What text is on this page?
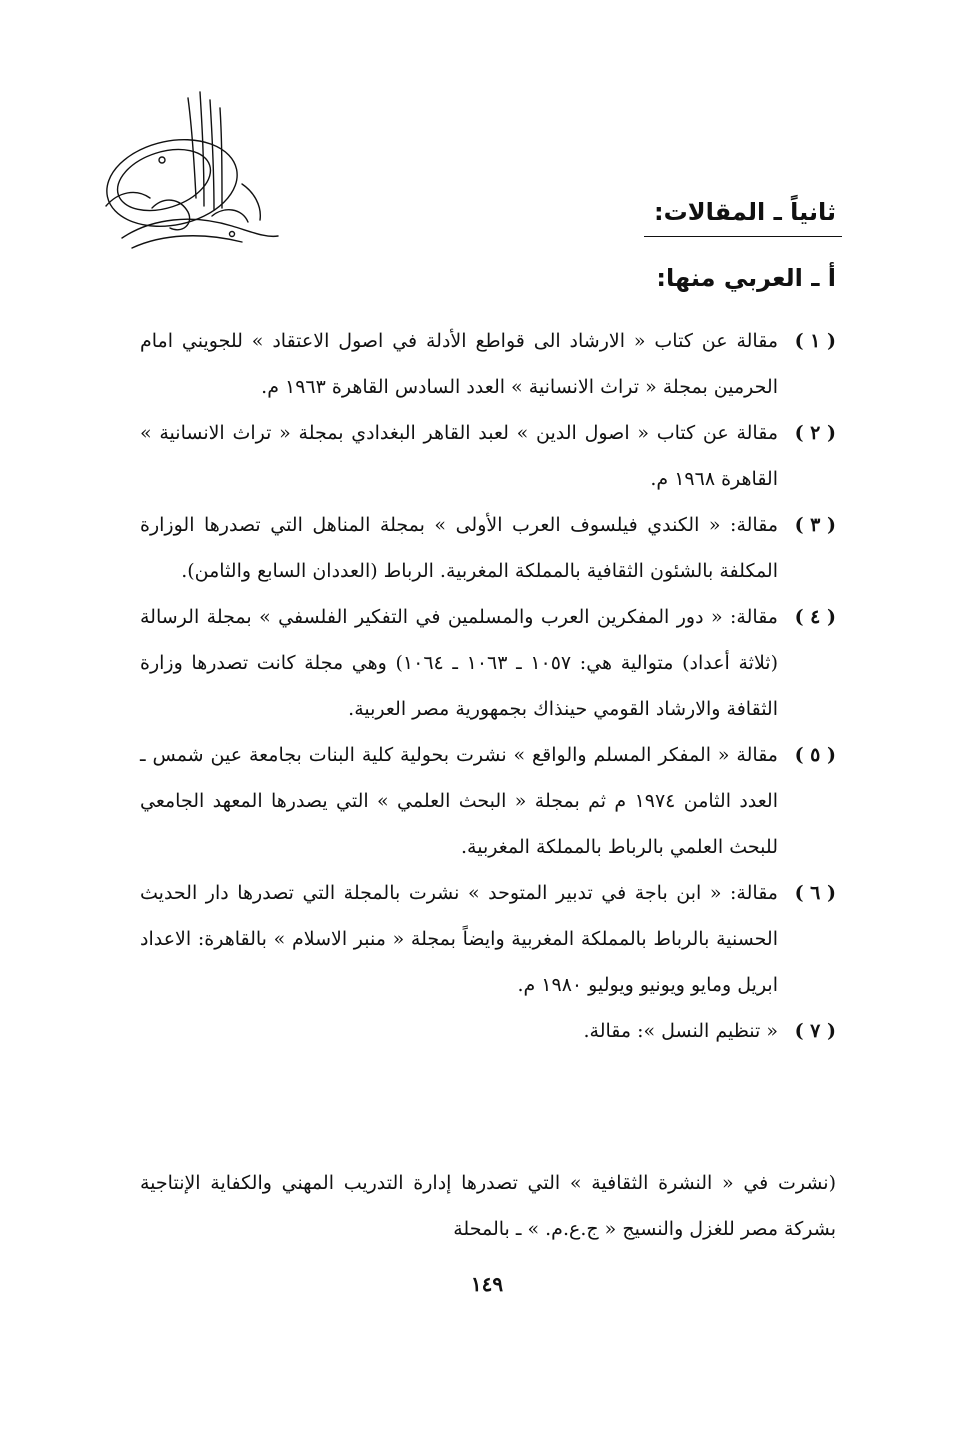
ثانياً ـ المقالات:
أ ـ العربي منها:
( ١ )
مقالة عن كتاب « الارشاد الى قواطع الأدلة في اصول الاعتقاد » للجويني امام الحرمين بمجلة « تراث الانسانية » العدد السادس القاهرة ١٩٦٣ م.
( ٢ )
مقالة عن كتاب « اصول الدين » لعبد القاهر البغدادي بمجلة « تراث الانسانية » القاهرة ١٩٦٨ م.
( ٣ )
مقالة: « الكندي فيلسوف العرب الأولى » بمجلة المناهل التي تصدرها الوزارة المكلفة بالشئون الثقافية بالمملكة المغربية. الرباط (العددان السابع والثامن).
( ٤ )
مقالة: « دور المفكرين العرب والمسلمين في التفكير الفلسفي » بمجلة الرسالة (ثلاثة أعداد) متوالية هي: ١٠٥٧ ـ ١٠٦٣ ـ ١٠٦٤) وهي مجلة كانت تصدرها وزارة الثقافة والارشاد القومي حينذاك بجمهورية مصر العربية.
( ٥ )
مقالة « المفكر المسلم والواقع » نشرت بحولية كلية البنات بجامعة عين شمس ـ العدد الثامن ١٩٧٤ م ثم بمجلة « البحث العلمي » التي يصدرها المعهد الجامعي للبحث العلمي بالرباط بالمملكة المغربية.
( ٦ )
مقالة: « ابن باجة في تدبير المتوحد » نشرت بالمجلة التي تصدرها دار الحديث الحسنية بالرباط بالمملكة المغربية وايضاً بمجلة « منبر الاسلام » بالقاهرة: الاعداد ابريل ومايو ويونيو ويوليو ١٩٨٠ م.
( ٧ )
« تنظيم النسل »: مقالة.

(نشرت في « النشرة الثقافية » التي تصدرها إدارة التدريب المهني والكفاية الإنتاجية بشركة مصر للغزل والنسيج « ج.ع.م. » ـ بالمحلة

١٤٩
